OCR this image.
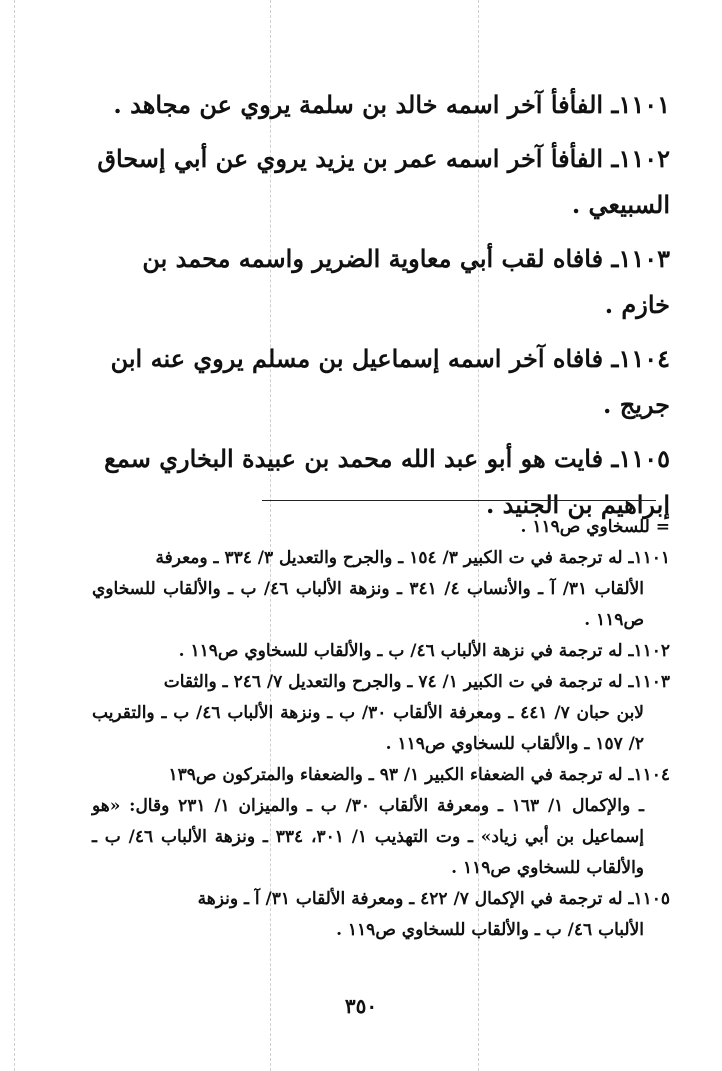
١١٠١ـ الفأفأ آخر اسمه خالد بن سلمة يروي عن مجاهد .

١١٠٢ـ الفأفأ آخر اسمه عمر بن يزيد يروي عن أبي إسحاق السبيعي .

١١٠٣ـ فافاه لقب أبي معاوية الضرير واسمه محمد بن خازم .

١١٠٤ـ فافاه آخر اسمه إسماعيل بن مسلم يروي عنه ابن جريج .

١١٠٥ـ فايت هو أبو عبد الله محمد بن عبيدة البخاري سمع إبراهيم بن الجنيد .

= للسخاوي ص١١٩ .
١١٠١ـ له ترجمة في ت الكبير ٣/ ١٥٤ ـ والجرح والتعديل ٣/ ٣٣٤ ـ ومعرفة
الألقاب ٣١/ آ ـ والأنساب ٤/ ٣٤١ ـ ونزهة الألباب ٤٦/ ب ـ والألقاب للسخاوي ص١١٩ .
١١٠٢ـ له ترجمة في نزهة الألباب ٤٦/ ب ـ والألقاب للسخاوي ص١١٩ .
١١٠٣ـ له ترجمة في ت الكبير ١/ ٧٤ ـ والجرح والتعديل ٧/ ٢٤٦ ـ والثقات
لابن حبان ٧/ ٤٤١ ـ ومعرفة الألقاب ٣٠/ ب ـ ونزهة الألباب ٤٦/ ب ـ والتقريب ٢/ ١٥٧ ـ والألقاب للسخاوي ص١١٩ .
١١٠٤ـ له ترجمة في الضعفاء الكبير ١/ ٩٣ ـ والضعفاء والمتركون ص١٣٩
ـ والإكمال ١/ ١٦٣ ـ ومعرفة الألقاب ٣٠/ ب ـ والميزان ١/ ٢٣١ وقال: «هو إسماعيل بن أبي زياد» ـ وت التهذيب ١/ ٣٠١، ٣٣٤ ـ ونزهة الألباب ٤٦/ ب ـ والألقاب للسخاوي ص١١٩ .
١١٠٥ـ له ترجمة في الإكمال ٧/ ٤٢٢ ـ ومعرفة الألقاب ٣١/ آ ـ ونزهة
الألباب ٤٦/ ب ـ والألقاب للسخاوي ص١١٩ .
٣٥٠
